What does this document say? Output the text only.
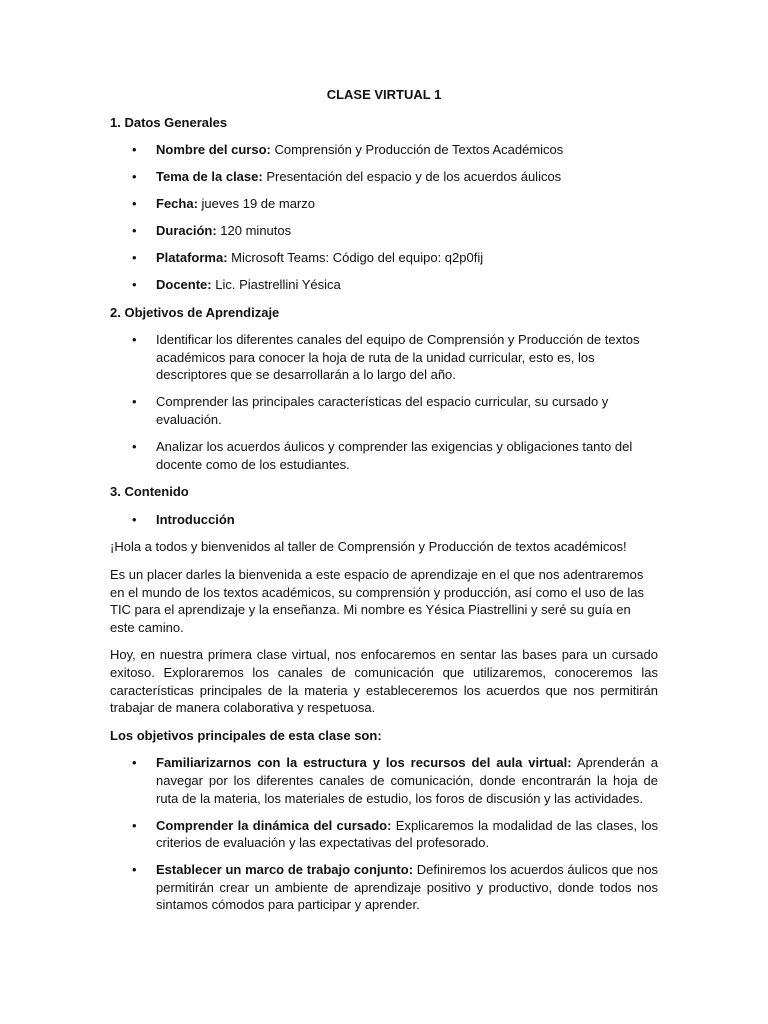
CLASE VIRTUAL 1
1. Datos Generales
• Nombre del curso: Comprensión y Producción de Textos Académicos
• Tema de la clase: Presentación del espacio y de los acuerdos áulicos
• Fecha: jueves 19 de marzo
• Duración: 120 minutos
• Plataforma: Microsoft Teams: Código del equipo: q2p0fij
• Docente: Lic. Piastrellini Yésica
2. Objetivos de Aprendizaje
• Identificar los diferentes canales del equipo de Comprensión y Producción de textos académicos para conocer la hoja de ruta de la unidad curricular, esto es, los descriptores que se desarrollarán a lo largo del año.
• Comprender las principales características del espacio curricular, su cursado y evaluación.
• Analizar los acuerdos áulicos y comprender las exigencias y obligaciones tanto del docente como de los estudiantes.
3. Contenido
• Introducción

¡Hola a todos y bienvenidos al taller de Comprensión y Producción de textos académicos!

Es un placer darles la bienvenida a este espacio de aprendizaje en el que nos adentraremos en el mundo de los textos académicos, su comprensión y producción, así como el uso de las TIC para el aprendizaje y la enseñanza. Mi nombre es Yésica Piastrellini y seré su guía en este camino.

Hoy, en nuestra primera clase virtual, nos enfocaremos en sentar las bases para un cursado exitoso. Exploraremos los canales de comunicación que utilizaremos, conoceremos las características principales de la materia y estableceremos los acuerdos que nos permitirán trabajar de manera colaborativa y respetuosa.

Los objetivos principales de esta clase son:

• Familiarizarnos con la estructura y los recursos del aula virtual: Aprenderán a navegar por los diferentes canales de comunicación, donde encontrarán la hoja de ruta de la materia, los materiales de estudio, los foros de discusión y las actividades.
• Comprender la dinámica del cursado: Explicaremos la modalidad de las clases, los criterios de evaluación y las expectativas del profesorado.
• Establecer un marco de trabajo conjunto: Definiremos los acuerdos áulicos que nos permitirán crear un ambiente de aprendizaje positivo y productivo, donde todos nos sintamos cómodos para participar y aprender.
